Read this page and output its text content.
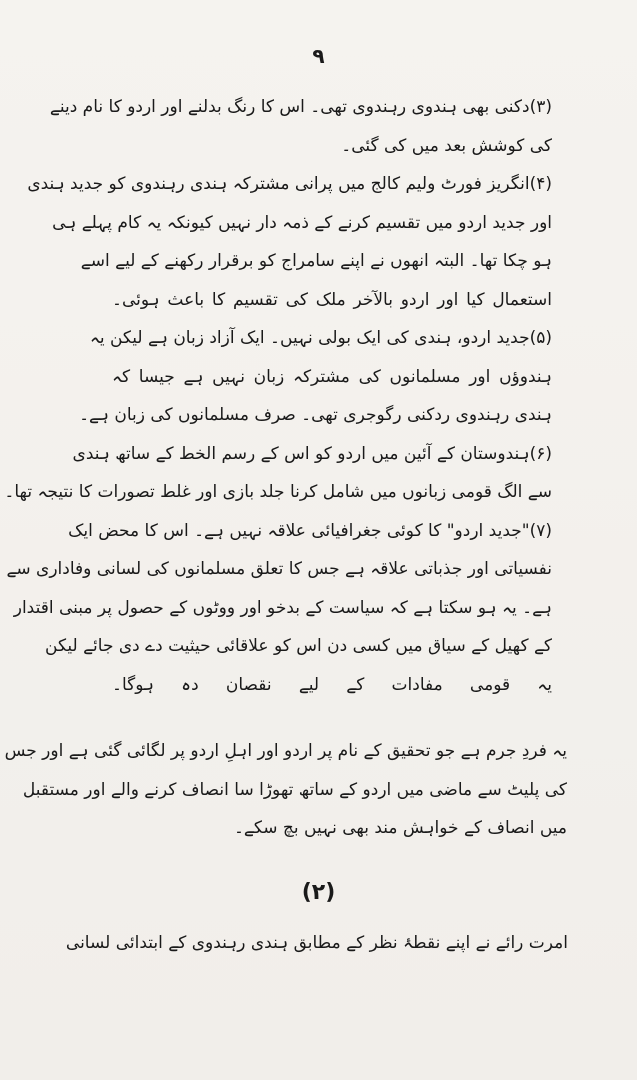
۹
(۳)دکنی بھی ہندوی رہندوی تھی۔ اس کا رنگ بدلنے اور اردو کا نام دینے
کی کوشش بعد میں کی گئی۔
(۴)انگریز فورٹ ولیم کالج میں پرانی مشترکہ ہندی رہندوی کو جدید ہندی
اور جدید اردو میں تقسیم کرنے کے ذمہ دار نہیں کیونکہ یہ کام پہلے ہی
ہو چکا تھا۔ البتہ انھوں نے اپنے سامراج کو برقرار رکھنے کے لیے اسے
استعمال کیا اور اردو بالآخر ملک کی تقسیم کا باعث ہوئی۔
(۵)جدید اردو، ہندی کی ایک بولی نہیں۔ ایک آزاد زبان ہے لیکن یہ
ہندوؤں اور مسلمانوں کی مشترکہ زبان نہیں ہے جیسا کہ
ہندی رہندوی ردکنی رگوجری تھی۔ صرف مسلمانوں کی زبان ہے۔
(۶)ہندوستان کے آئین میں اردو کو اس کے رسم الخط کے ساتھ ہندی
سے الگ قومی زبانوں میں شامل کرنا جلد بازی اور غلط تصورات کا نتیجہ تھا۔
(۷)"جدید اردو" کا کوئی جغرافیائی علاقہ نہیں ہے۔ اس کا محض ایک
نفسیاتی اور جذباتی علاقہ ہے جس کا تعلق مسلمانوں کی لسانی وفاداری سے
ہے۔ یہ ہو سکتا ہے کہ سیاست کے بدخو اور ووٹوں کے حصول پر مبنی اقتدار
کے کھیل کے سیاق میں کسی دن اس کو علاقائی حیثیت دے دی جائے لیکن
یہ قومی مفادات کے لیے نقصان دہ ہوگا۔
یہ فردِ جرم ہے جو تحقیق کے نام پر اردو اور اہلِ اردو پر لگائی گئی ہے اور جس
کی پلیٹ سے ماضی میں اردو کے ساتھ تھوڑا سا انصاف کرنے والے اور مستقبل
میں انصاف کے خواہش مند بھی نہیں بچ سکے۔
(۲)
امرت رائے نے اپنے نقطۂ نظر کے مطابق ہندی رہندوی کے ابتدائی لسانی
